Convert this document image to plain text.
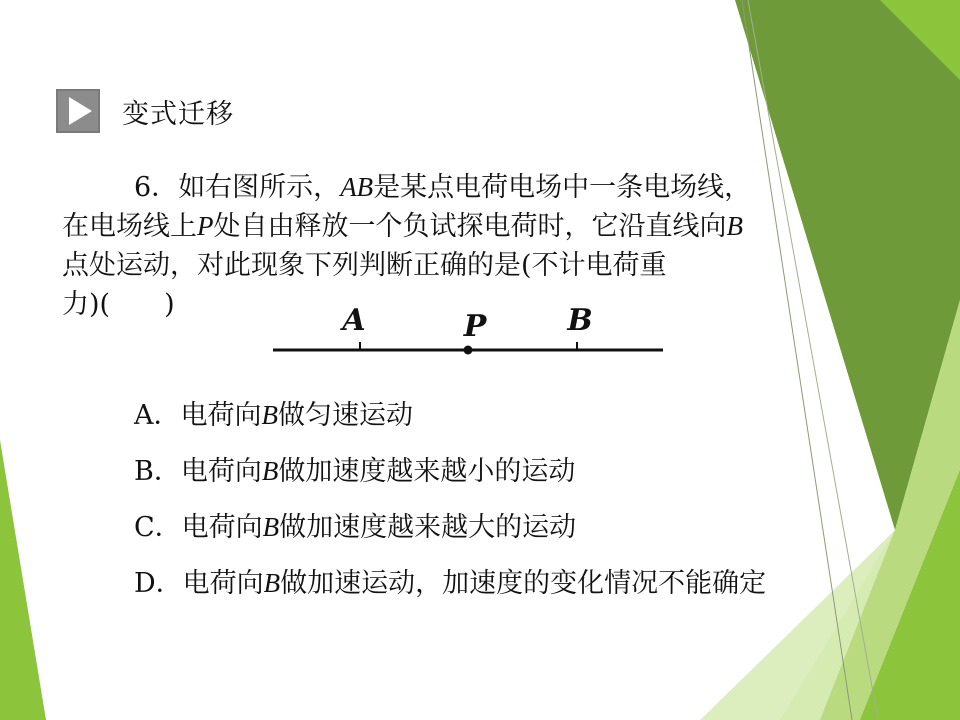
变式迁移
6．如右图所示，AB是某点电荷电场中一条电场线，
在电场线上P处自由释放一个负试探电荷时，它沿直线向B
点处运动，对此现象下列判断正确的是(不计电荷重
力)(　　)	A	P	B
A．电荷向B做匀速运动
B．电荷向B做加速度越来越小的运动
C．电荷向B做加速度越来越大的运动
D．电荷向B做加速运动，加速度的变化情况不能确定
